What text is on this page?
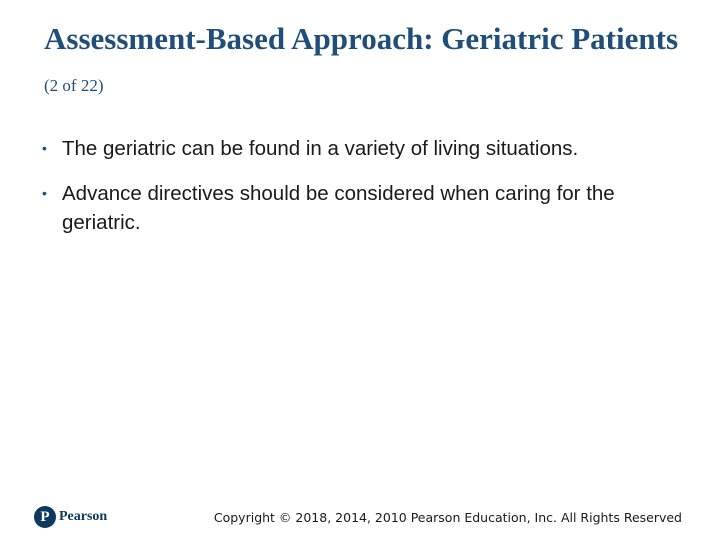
Assessment-Based Approach: Geriatric Patients (2 of 22)
• The geriatric can be found in a variety of living situations.
• Advance directives should be considered when caring for the geriatric.
P Pearson	Copyright © 2018, 2014, 2010 Pearson Education, Inc. All Rights Reserved
